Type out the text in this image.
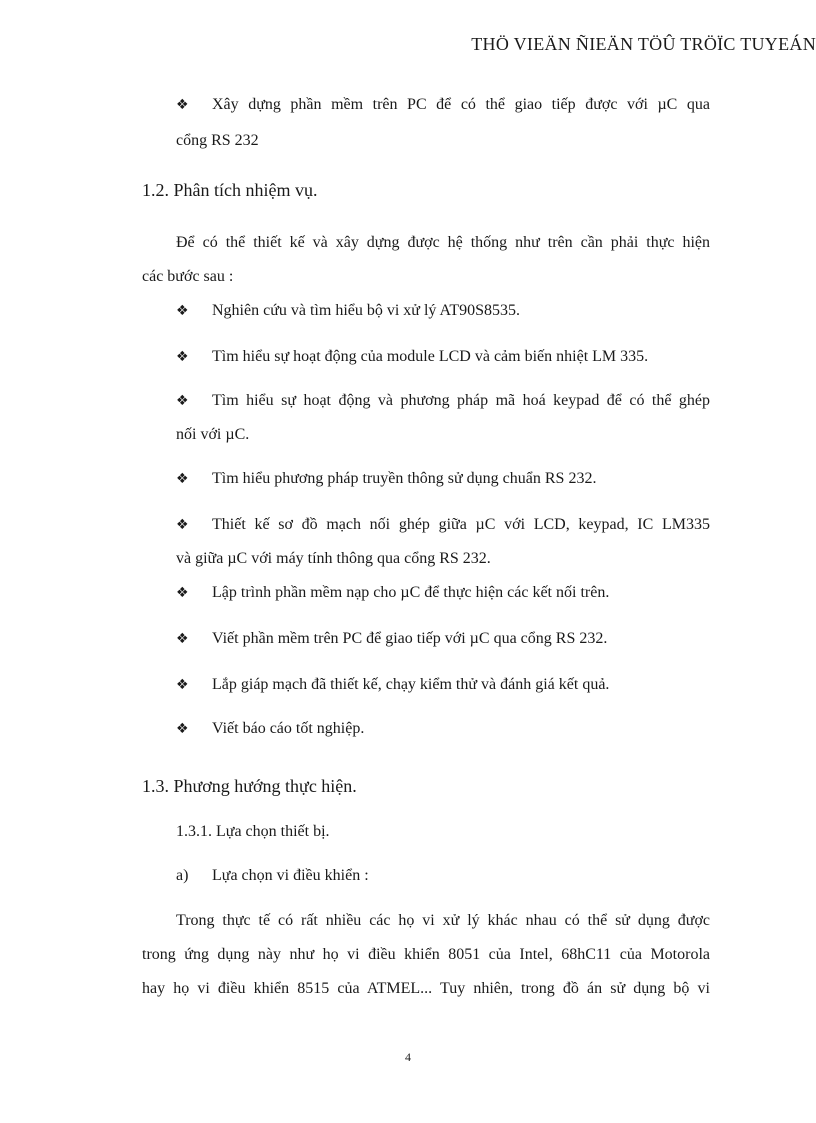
THÖ VIEÄN ÑIEÄN TÖÛ TRÖÏC TUYEÁN
❖ Xây dựng phần mềm trên PC để có thể giao tiếp được với µC qua
cổng RS 232
1.2. Phân tích nhiệm vụ.
Để có thể thiết kế và xây dựng được hệ thống như trên cần phải thực hiện
các bước sau :
❖ Nghiên cứu và tìm hiểu bộ vi xử lý AT90S8535.
❖ Tìm hiểu sự hoạt động của module LCD và cảm biến nhiệt LM 335.
❖ Tìm hiểu sự hoạt động và phương pháp mã hoá keypad để có thể ghép
nối với µC.
❖ Tìm hiểu phương pháp truyền thông sử dụng chuẩn RS 232.
❖ Thiết kế sơ đồ mạch nối ghép giữa µC với LCD, keypad, IC LM335
và giữa µC với máy tính thông qua cổng RS 232.
❖ Lập trình phần mềm nạp cho µC để thực hiện các kết nối trên.
❖ Viết phần mềm trên PC để giao tiếp với µC qua cổng RS 232.
❖ Lắp giáp mạch đã thiết kế, chạy kiểm thử và đánh giá kết quả.
❖ Viết báo cáo tốt nghiệp.
1.3. Phương hướng thực hiện.
1.3.1. Lựa chọn thiết bị.
a) Lựa chọn vi điều khiển :
Trong thực tế có rất nhiều các họ vi xử lý khác nhau có thể sử dụng được
trong ứng dụng này như họ vi điều khiển 8051 của Intel, 68hC11 của Motorola
hay họ vi điều khiển 8515 của ATMEL... Tuy nhiên, trong đồ án sử dụng bộ vi
4
